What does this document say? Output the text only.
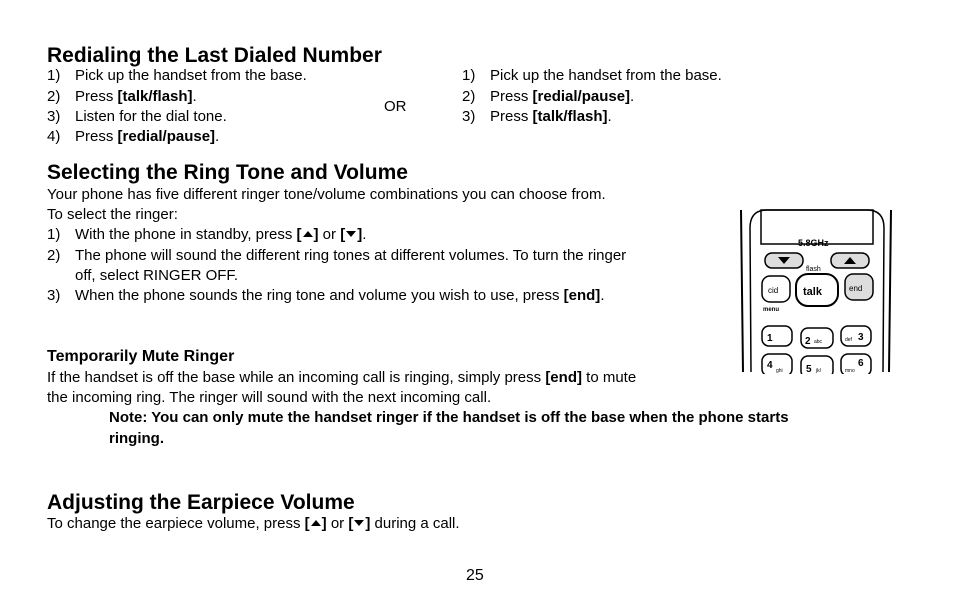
Redialing the Last Dialed Number
1) Pick up the handset from the base.
2) Press [talk/flash].
3) Listen for the dial tone.
4) Press [redial/pause].
OR
1) Pick up the handset from the base.
2) Press [redial/pause].
3) Press [talk/flash].
Selecting the Ring Tone and Volume
Your phone has five different ringer tone/volume combinations you can choose from.
To select the ringer:
1) With the phone in standby, press [ ] or [ ].
2) The phone will sound the different ring tones at different volumes. To turn the ringer
off, select RINGER OFF.
3) When the phone sounds the ring tone and volume you wish to use, press [end].
Temporarily Mute Ringer
If the handset is off the base while an incoming call is ringing, simply press [end] to mute
the incoming ring. The ringer will sound with the next incoming call.
Note: You can only mute the handset ringer if the handset is off the base when the phone starts
ringing.
Adjusting the Earpiece Volume
To change the earpiece volume, press [ ] or [ ] during a call.
25
5.8GHz
flash
cid talk	end
menu
1	2 abc	def 3
4 ghi 5 jkl
6
mno
